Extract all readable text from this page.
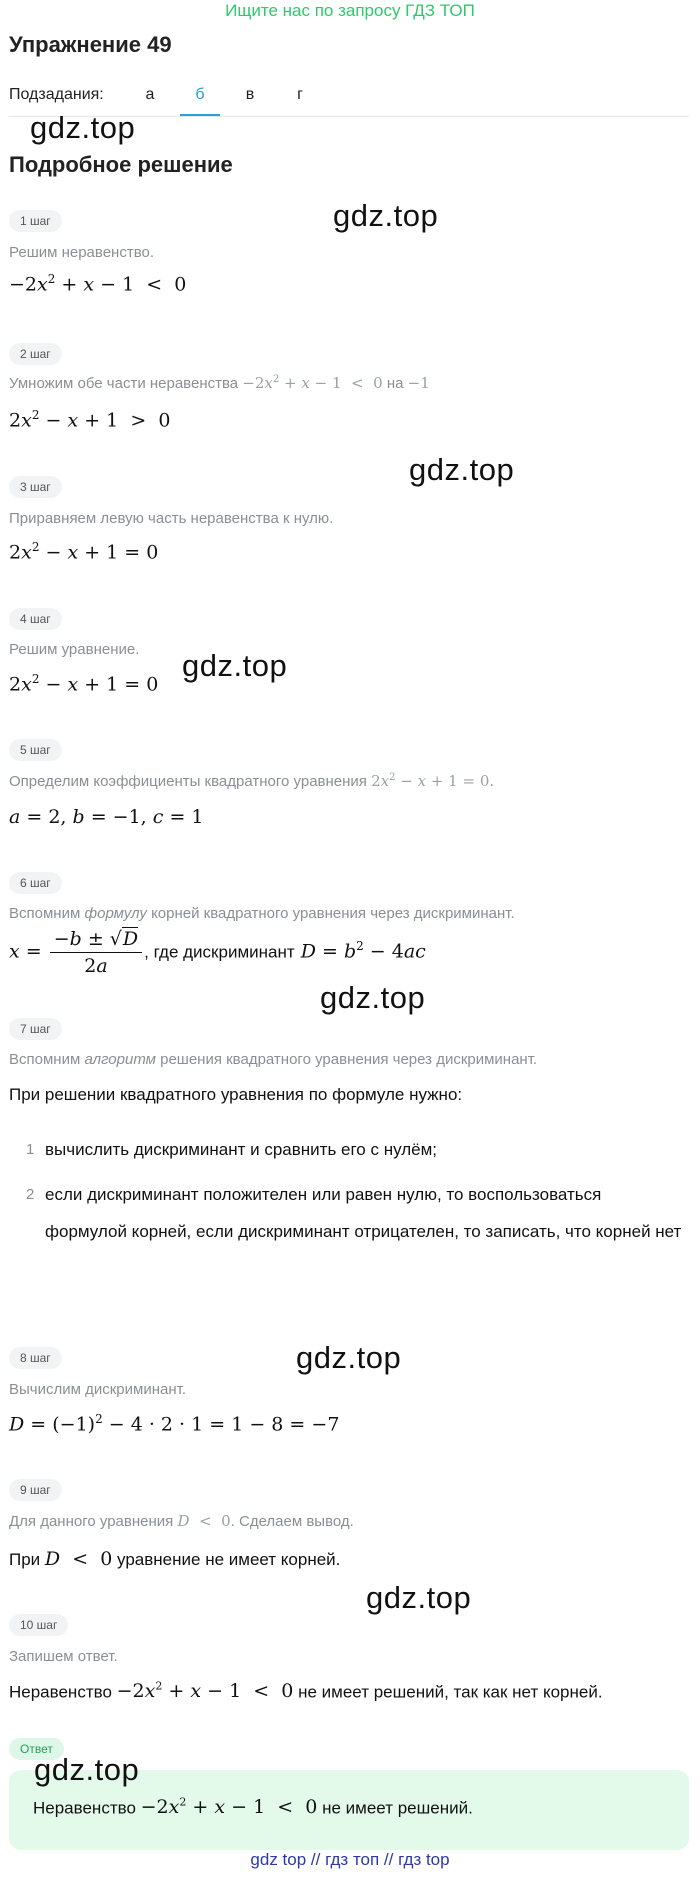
Ищите нас по запросу ГДЗ ТОП
Упражнение 49
Подзадания:	а	б	в	г
gdz.top
Подробное решение
1 шаг	gdz.top
Решим неравенство.
$-2x^2 + x - 1 < 0$
2 шаг
Умножим обе части неравенства $-2x^2 + x - 1 < 0$ на −1
$2x^2 - x + 1 > 0$
gdz.top
3 шаг
Приравняем левую часть неравенства к нулю.
$2x^2 - x + 1 = 0$
4 шаг
Решим уравнение. gdz.top
$2x^2 - x + 1 = 0$
5 шаг
Определим коэффициенты квадратного уравнения $2x^2 - x + 1 = 0$.
a = 2, b = −1, c = 1
6 шаг
Вспомним формулу корней квадратного уравнения через дискриминант.
$x = \frac{-b \pm √D}{2a}$ , где дискриминант $D = b^2 - 4ac$
gdz.top
7 шаг
Вспомним алгоритм решения квадратного уравнения через дискриминант.
При решении квадратного уравнения по формуле нужно:
1 вычислить дискриминант и сравнить его с нулём;
2 если дискриминант положителен или равен нулю, то воспользоваться формулой корней, если дискриминант отрицателен, то записать, что корней нет
gdz.top
8 шаг
Вычислим дискриминант.
$D = (-1)^2 - 4 \cdot 2 \cdot 1 = 1 - 8 = -7$
9 шаг
Для данного уравнения D  <  0. Сделаем вывод.
При D  <  0 уравнение не имеет корней.
gdz.top
10 шаг
Запишем ответ.
Неравенство $-2x^2 + x - 1 < 0$ не имеет решений, так как нет корней.
Ответ
gdz.top
Неравенство $-2x^2 + x - 1 < 0$ не имеет решений.
gdz top // гдз топ // гдз top
